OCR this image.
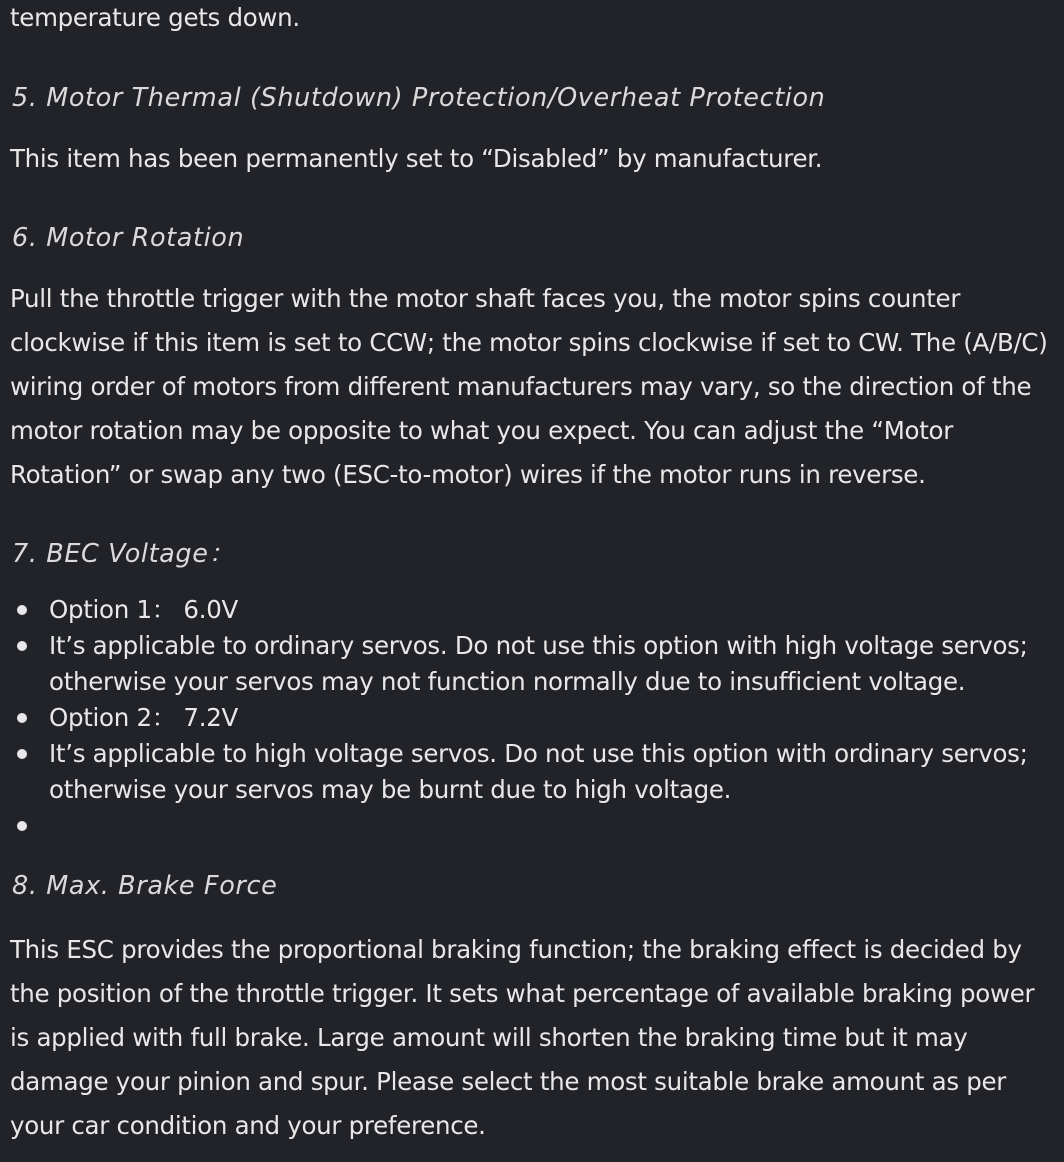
temperature gets down.

5. Motor Thermal (Shutdown) Protection/Overheat Protection

This item has been permanently set to “Disabled” by manufacturer.

6. Motor Rotation

Pull the throttle trigger with the motor shaft faces you, the motor spins counter clockwise if this item is set to CCW; the motor spins clockwise if set to CW. The (A/B/C) wiring order of motors from different manufacturers may vary, so the direction of the motor rotation may be opposite to what you expect. You can adjust the “Motor Rotation” or swap any two (ESC-to-motor) wires if the motor runs in reverse.

7. BEC Voltage：
Option 1： 6.0V
It’s applicable to ordinary servos. Do not use this option with high voltage servos; otherwise your servos may not function normally due to insufficient voltage.
Option 2： 7.2V
It’s applicable to high voltage servos. Do not use this option with ordinary servos; otherwise your servos may be burnt due to high voltage.

8. Max. Brake Force

This ESC provides the proportional braking function; the braking effect is decided by the position of the throttle trigger. It sets what percentage of available braking power is applied with full brake. Large amount will shorten the braking time but it may damage your pinion and spur. Please select the most suitable brake amount as per your car condition and your preference.
